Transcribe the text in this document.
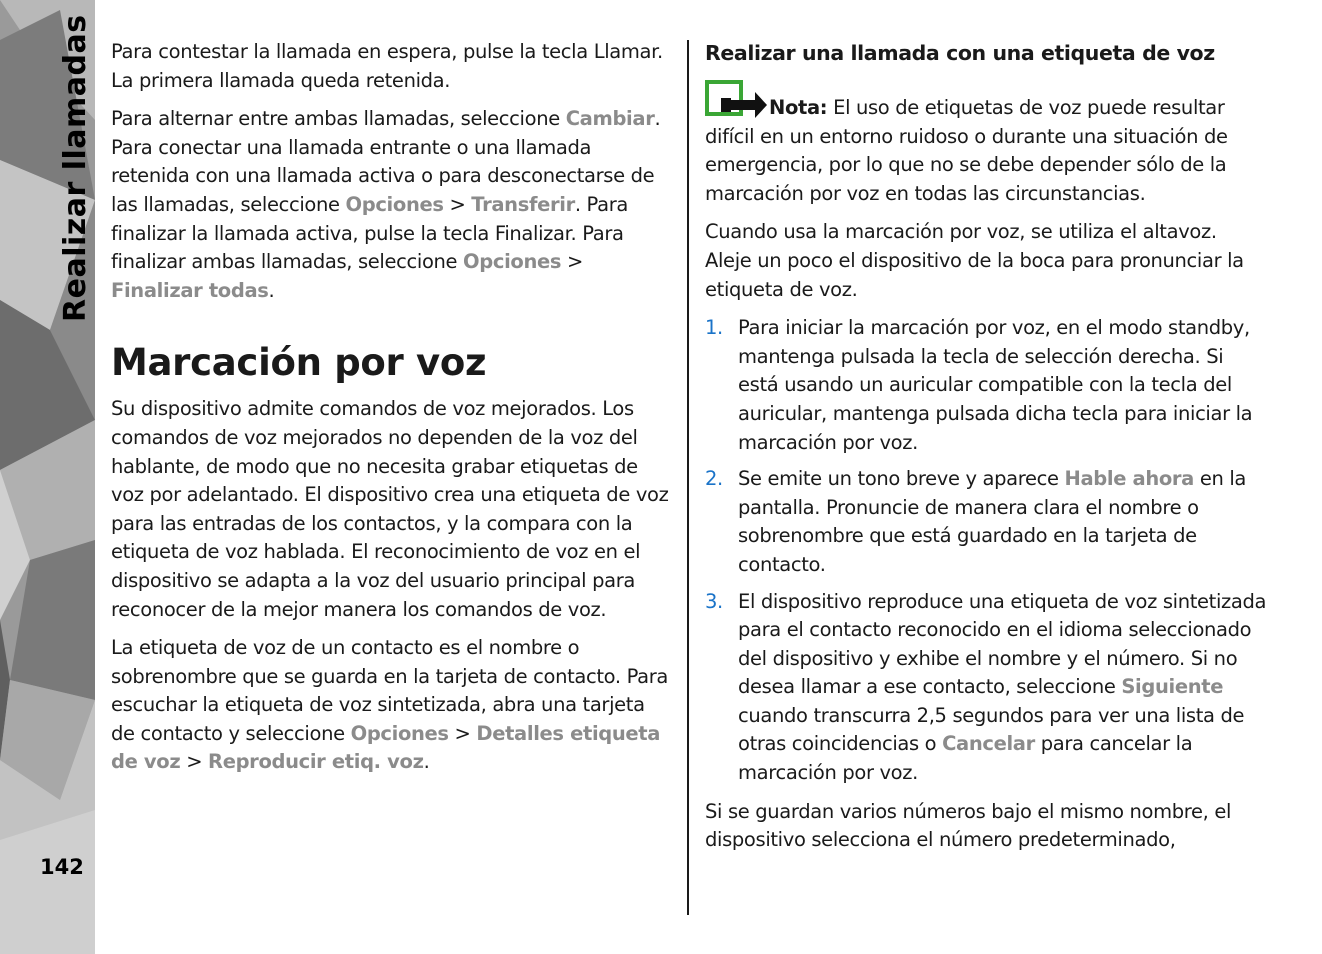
Realizar llamadas
142

Para contestar la llamada en espera, pulse la tecla Llamar. La primera llamada queda retenida.

Para alternar entre ambas llamadas, seleccione Cambiar. Para conectar una llamada entrante o una llamada retenida con una llamada activa o para desconectarse de las llamadas, seleccione Opciones > Transferir. Para finalizar la llamada activa, pulse la tecla Finalizar. Para finalizar ambas llamadas, seleccione Opciones > Finalizar todas.

Marcación por voz

Su dispositivo admite comandos de voz mejorados. Los comandos de voz mejorados no dependen de la voz del hablante, de modo que no necesita grabar etiquetas de voz por adelantado. El dispositivo crea una etiqueta de voz para las entradas de los contactos, y la compara con la etiqueta de voz hablada. El reconocimiento de voz en el dispositivo se adapta a la voz del usuario principal para reconocer de la mejor manera los comandos de voz.

La etiqueta de voz de un contacto es el nombre o sobrenombre que se guarda en la tarjeta de contacto. Para escuchar la etiqueta de voz sintetizada, abra una tarjeta de contacto y seleccione Opciones > Detalles etiqueta de voz > Reproducir etiq. voz.

Realizar una llamada con una etiqueta de voz

Nota: El uso de etiquetas de voz puede resultar difícil en un entorno ruidoso o durante una situación de emergencia, por lo que no se debe depender sólo de la marcación por voz en todas las circunstancias.

Cuando usa la marcación por voz, se utiliza el altavoz. Aleje un poco el dispositivo de la boca para pronunciar la etiqueta de voz.

1. Para iniciar la marcación por voz, en el modo standby, mantenga pulsada la tecla de selección derecha. Si está usando un auricular compatible con la tecla del auricular, mantenga pulsada dicha tecla para iniciar la marcación por voz.
2. Se emite un tono breve y aparece Hable ahora en la pantalla. Pronuncie de manera clara el nombre o sobrenombre que está guardado en la tarjeta de contacto.
3. El dispositivo reproduce una etiqueta de voz sintetizada para el contacto reconocido en el idioma seleccionado del dispositivo y exhibe el nombre y el número. Si no desea llamar a ese contacto, seleccione Siguiente cuando transcurra 2,5 segundos para ver una lista de otras coincidencias o Cancelar para cancelar la marcación por voz.

Si se guardan varios números bajo el mismo nombre, el dispositivo selecciona el número predeterminado,
